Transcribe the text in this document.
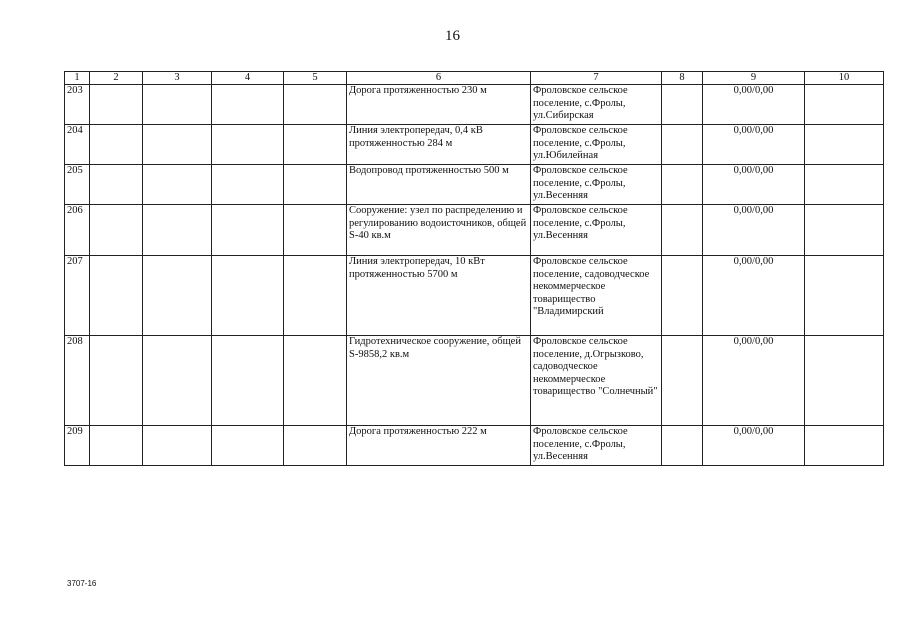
16
1	2	3	4	5	6	7	8	9	10
203					Дорога протяженностью 230 м	Фроловское сельское поселение, с.Фролы, ул.Сибирская		0,00/0,00	
204					Линия электропередач, 0,4 кВ протяженностью 284 м	Фроловское сельское поселение, с.Фролы, ул.Юбилейная		0,00/0,00	
205					Водопровод протяженностью 500 м	Фроловское сельское поселение, с.Фролы, ул.Весенняя		0,00/0,00	
206					Сооружение: узел по распределению и регулированию водоисточников, общей S-40 кв.м	Фроловское сельское поселение, с.Фролы, ул.Весенняя		0,00/0,00	
207					Линия электропередач, 10 кВт протяженностью 5700 м	Фроловское сельское поселение, садоводческое некоммерческое товарищество "Владимирский		0,00/0,00	
208					Гидротехническое сооружение, общей S-9858,2 кв.м	Фроловское сельское поселение, д.Огрызково, садоводческое некоммерческое товарищество "Солнечный"		0,00/0,00	
209					Дорога протяженностью 222 м	Фроловское сельское поселение, с.Фролы, ул.Весенняя		0,00/0,00	
3707-16
